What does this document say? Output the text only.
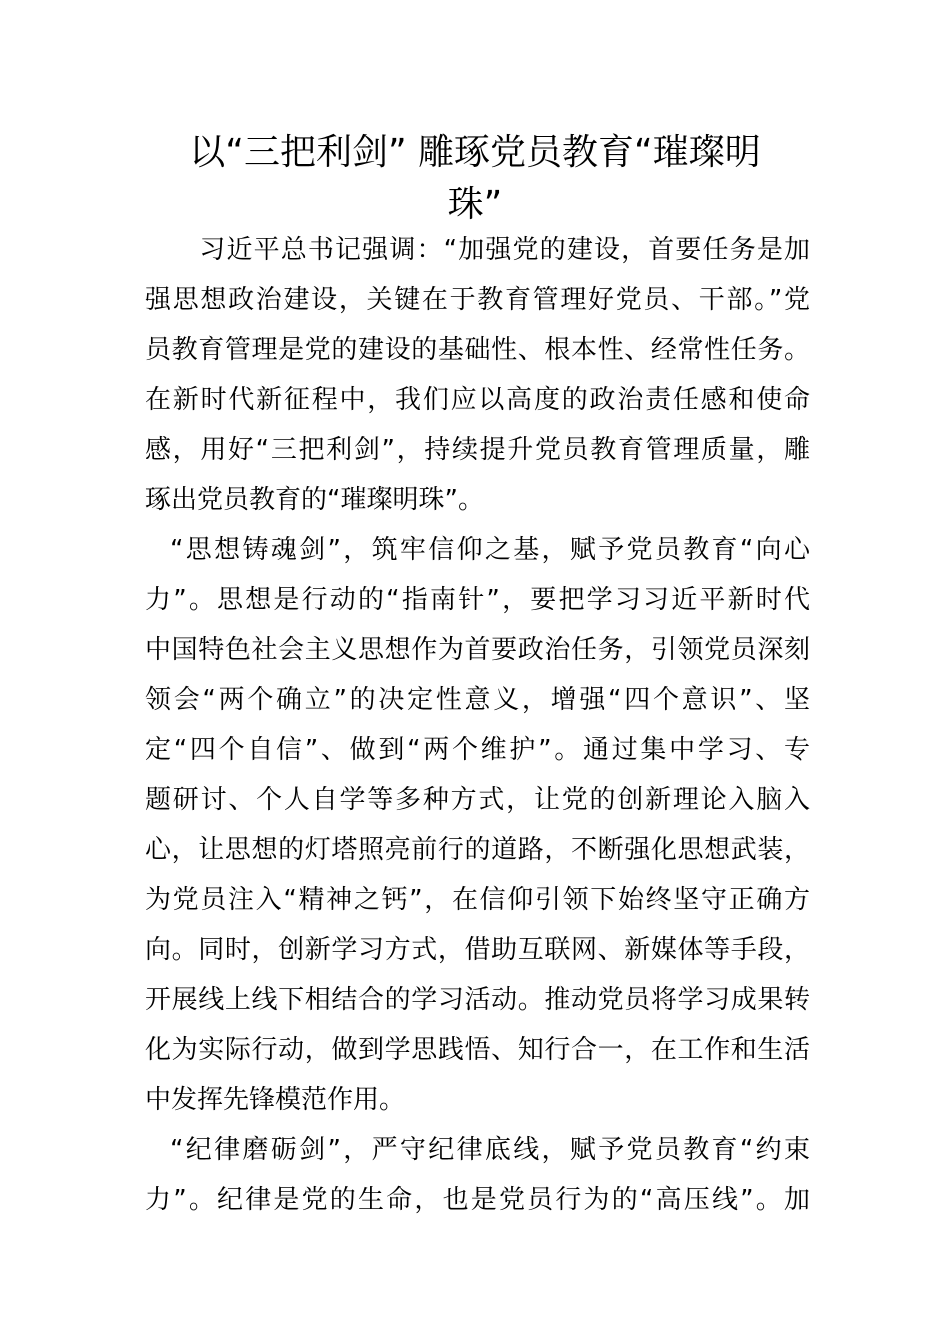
以“三把利剑” 雕琢党员教育“璀璨明
珠”

　　习近平总书记强调：“加强党的建设，首要任务是加

强思想政治建设，关键在于教育管理好党员、干部。”党

员教育管理是党的建设的基础性、根本性、经常性任务。

在新时代新征程中，我们应以高度的政治责任感和使命

感，用好“三把利剑”，持续提升党员教育管理质量，雕

琢出党员教育的“璀璨明珠”。

“思想铸魂剑”，筑牢信仰之基，赋予党员教育“向心

力”。思想是行动的“指南针”，要把学习习近平新时代

中国特色社会主义思想作为首要政治任务，引领党员深刻

领会“两个确立”的决定性意义，增强“四个意识”、坚

定“四个自信”、做到“两个维护”。通过集中学习、专

题研讨、个人自学等多种方式，让党的创新理论入脑入

心，让思想的灯塔照亮前行的道路，不断强化思想武装，

为党员注入“精神之钙”，在信仰引领下始终坚守正确方

向。同时，创新学习方式，借助互联网、新媒体等手段，

开展线上线下相结合的学习活动。推动党员将学习成果转

化为实际行动，做到学思践悟、知行合一，在工作和生活

中发挥先锋模范作用。

“纪律磨砺剑”，严守纪律底线，赋予党员教育“约束

力”。纪律是党的生命，也是党员行为的“高压线”。加
